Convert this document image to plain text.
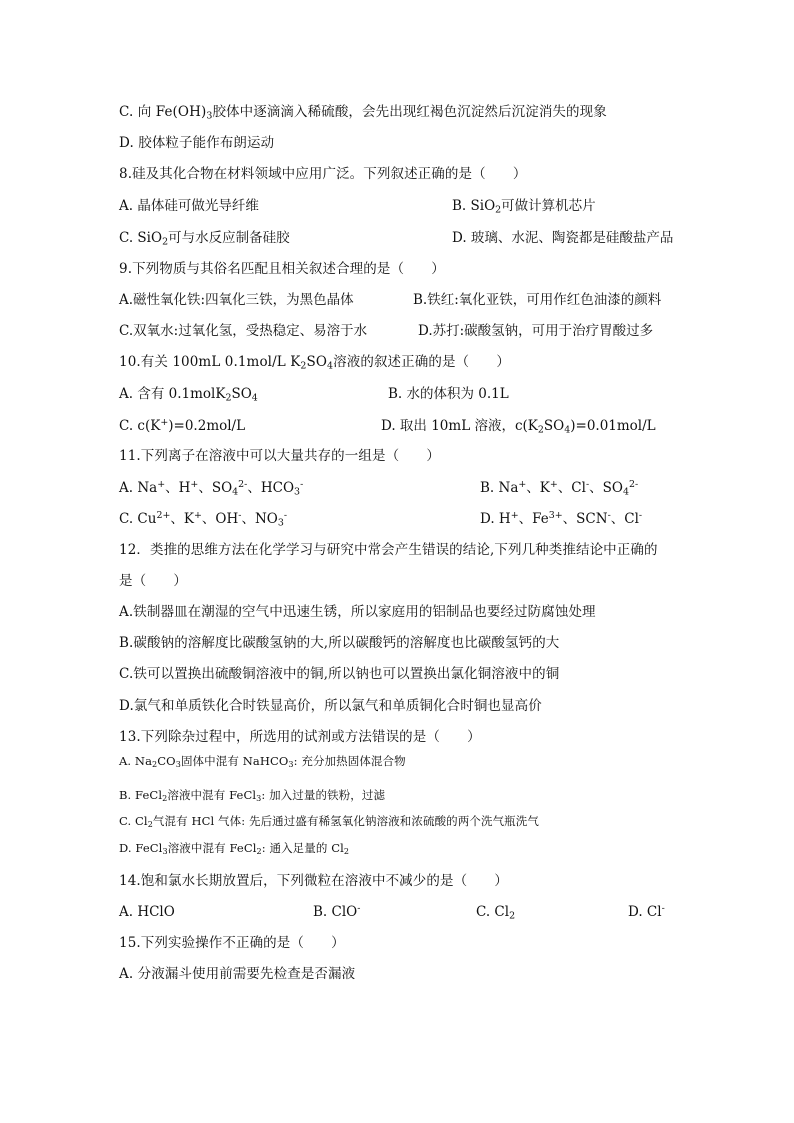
C. 向 $Fe(OH)_3$胶体中逐滴滴入稀硫酸，会先出现红褐色沉淀然后沉淀消失的现象
D. 胶体粒子能作布朗运动
8.硅及其化合物在材料领域中应用广泛。下列叙述正确的是（　　）
A. 晶体硅可做光导纤维	B. SiO$_2$可做计算机芯片
C. SiO$_2$可与水反应制备硅胶	D. 玻璃、水泥、陶瓷都是硅酸盐产品
9.下列物质与其俗名匹配且相关叙述合理的是（　　）
A.磁性氧化铁:四氧化三铁，为黑色晶体	B.铁红:氧化亚铁，可用作红色油漆的颜料
C.双氧水:过氧化氢，受热稳定、易溶于水	D.苏打:碳酸氢钠，可用于治疗胃酸过多
10.有关 100mL 0.1mol/L $K_2SO_4$溶液的叙述正确的是（　　）
A. 含有 $0.1molK_2SO_4$	B. 水的体积为 0.1L
C. c(K+)=0.2mol/L	D. 取出 10mL 溶液，$c(K_2SO_4)=0.01mol/L$
11.下列离子在溶液中可以大量共存的一组是（　　）
A. Na+、H+、$SO_4^{2-}$、$HCO_3^-$	B. Na+、K+、Cl-、$SO_4^{2-}$
C. $Cu^{2+}$、K+、OH-、$NO_3^-$	D. H+、$Fe^{3+}$、SCN-、Cl-
12．类推的思维方法在化学学习与研究中常会产生错误的结论,下列几种类推结论中正确的
是（　　）
A.铁制器皿在潮湿的空气中迅速生锈，所以家庭用的铝制品也要经过防腐蚀处理
B.碳酸钠的溶解度比碳酸氢钠的大,所以碳酸钙的溶解度也比碳酸氢钙的大
C.铁可以置换出硫酸铜溶液中的铜,所以钠也可以置换出氯化铜溶液中的铜
D.氯气和单质铁化合时铁显高价，所以氯气和单质铜化合时铜也显高价
13.下列除杂过程中，所选用的试剂或方法错误的是（　　）
A. $Na_2CO_3$固体中混有 NaHCO$_3$: 充分加热固体混合物
B. FeCl$_2$溶液中混有 FeCl$_3$: 加入过量的铁粉，过滤
C. $Cl_2$气混有 HCl 气体: 先后通过盛有稀氢氧化钠溶液和浓硫酸的两个洗气瓶洗气
D. FeCl$_3$溶液中混有 FeCl$_2$: 通入足量的 $Cl_2$
14.饱和氯水长期放置后，下列微粒在溶液中不减少的是（　　）
A. HClO	B. ClO-	C. $Cl_2$	D. Cl-
15.下列实验操作不正确的是（　　）
A. 分液漏斗使用前需要先检查是否漏液
